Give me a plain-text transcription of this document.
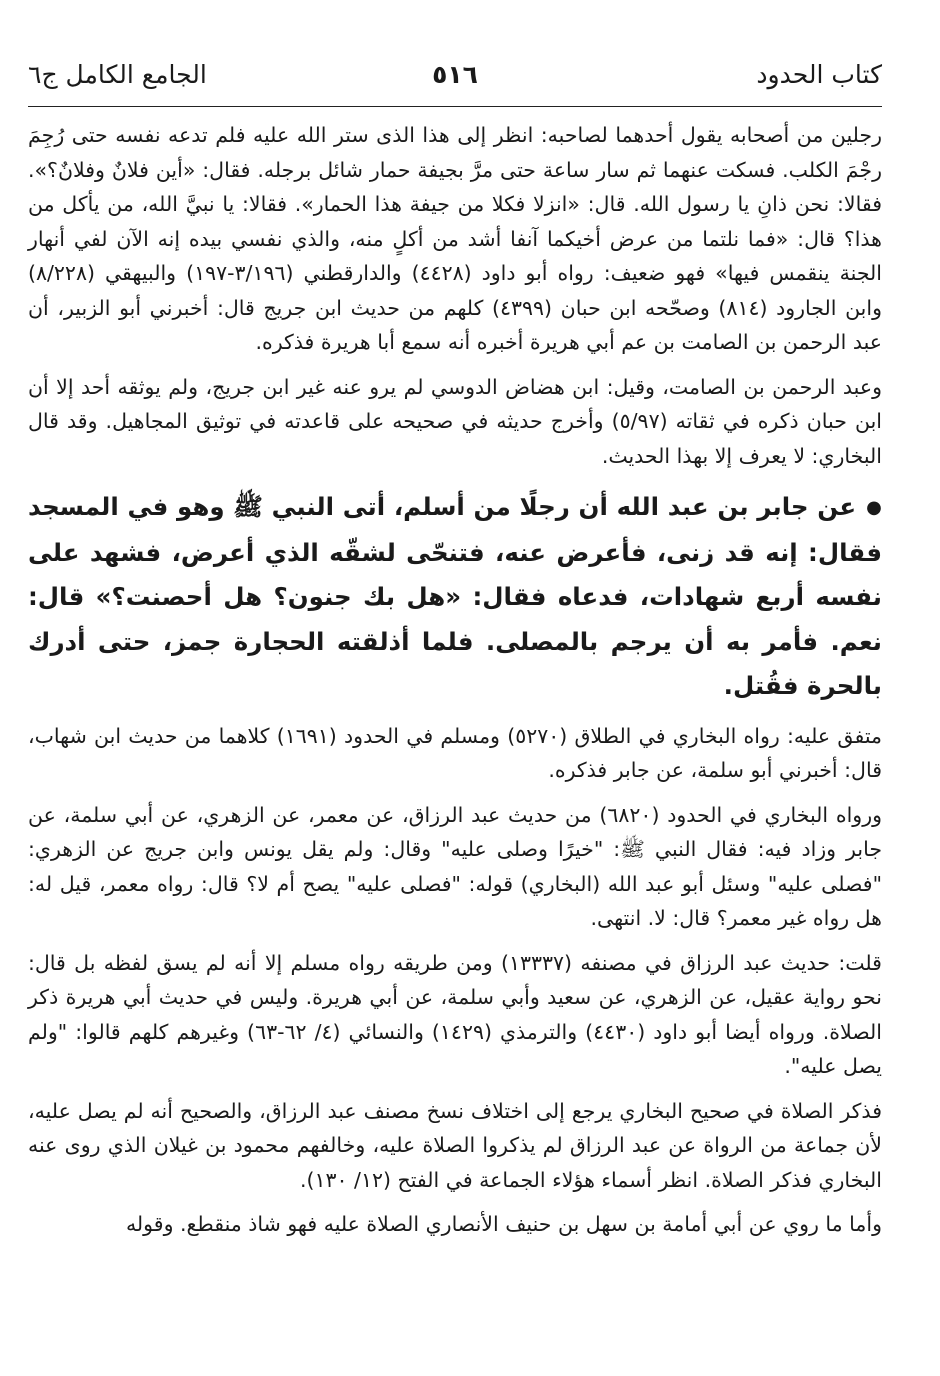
كتاب الحدود
٥١٦
الجامع الكامل ج٦

رجلين من أصحابه يقول أحدهما لصاحبه: انظر إلى هذا الذى ستر الله عليه فلم تدعه نفسه حتى رُجِمَ رجْمَ الكلب. فسكت عنهما ثم سار ساعة حتى مرَّ بجيفة حمار شائل برجله. فقال: «أين فلانٌ وفلانٌ؟». فقالا: نحن ذانِ يا رسول الله. قال: «انزلا فكلا من جيفة هذا الحمار». فقالا: يا نبيَّ الله، من يأكل من هذا؟ قال: «فما نلتما من عرض أخيكما آنفا أشد من أكلٍ منه، والذي نفسي بيده إنه الآن لفي أنهار الجنة ينقمس فيها» فهو ضعيف: رواه أبو داود (٤٤٢٨) والدارقطني (٣/١٩٦-١٩٧) والبيهقي (٨/٢٢٨) وابن الجارود (٨١٤) وصحّحه ابن حبان (٤٣٩٩) كلهم من حديث ابن جريج قال: أخبرني أبو الزبير، أن عبد الرحمن بن الصامت بن عم أبي هريرة أخبره أنه سمع أبا هريرة فذكره.

وعبد الرحمن بن الصامت، وقيل: ابن هضاض الدوسي لم يرو عنه غير ابن جريج، ولم يوثقه أحد إلا أن ابن حبان ذكره في ثقاته (٥/٩٧) وأخرج حديثه في صحيحه على قاعدته في توثيق المجاهيل. وقد قال البخاري: لا يعرف إلا بهذا الحديث.

●عن جابر بن عبد الله أن رجلًا من أسلم، أتى النبي ﷺ وهو في المسجد فقال: إنه قد زنى، فأعرض عنه، فتنحّى لشقّه الذي أعرض، فشهد على نفسه أربع شهادات، فدعاه فقال: «هل بك جنون؟ هل أحصنت؟» قال: نعم. فأمر به أن يرجم بالمصلى. فلما أذلقته الحجارة جمز، حتى أدرك بالحرة فقُتل.

متفق عليه: رواه البخاري في الطلاق (٥٢٧٠) ومسلم في الحدود (١٦٩١) كلاهما من حديث ابن شهاب، قال: أخبرني أبو سلمة، عن جابر فذكره.

ورواه البخاري في الحدود (٦٨٢٠) من حديث عبد الرزاق، عن معمر، عن الزهري، عن أبي سلمة، عن جابر وزاد فيه: فقال النبي ﷺ: "خيرًا وصلى عليه" وقال: ولم يقل يونس وابن جريج عن الزهري: "فصلى عليه" وسئل أبو عبد الله (البخاري) قوله: "فصلى عليه" يصح أم لا؟ قال: رواه معمر، قيل له: هل رواه غير معمر؟ قال: لا. انتهى.

قلت: حديث عبد الرزاق في مصنفه (١٣٣٣٧) ومن طريقه رواه مسلم إلا أنه لم يسق لفظه بل قال: نحو رواية عقيل، عن الزهري، عن سعيد وأبي سلمة، عن أبي هريرة. وليس في حديث أبي هريرة ذكر الصلاة. ورواه أيضا أبو داود (٤٤٣٠) والترمذي (١٤٢٩) والنسائي (٤/ ٦٢-٦٣) وغيرهم كلهم قالوا: "ولم يصل عليه".

فذكر الصلاة في صحيح البخاري يرجع إلى اختلاف نسخ مصنف عبد الرزاق، والصحيح أنه لم يصل عليه، لأن جماعة من الرواة عن عبد الرزاق لم يذكروا الصلاة عليه، وخالفهم محمود بن غيلان الذي روى عنه البخاري فذكر الصلاة. انظر أسماء هؤلاء الجماعة في الفتح (١٢/ ١٣٠).

وأما ما روي عن أبي أمامة بن سهل بن حنيف الأنصاري الصلاة عليه فهو شاذ منقطع. وقوله
